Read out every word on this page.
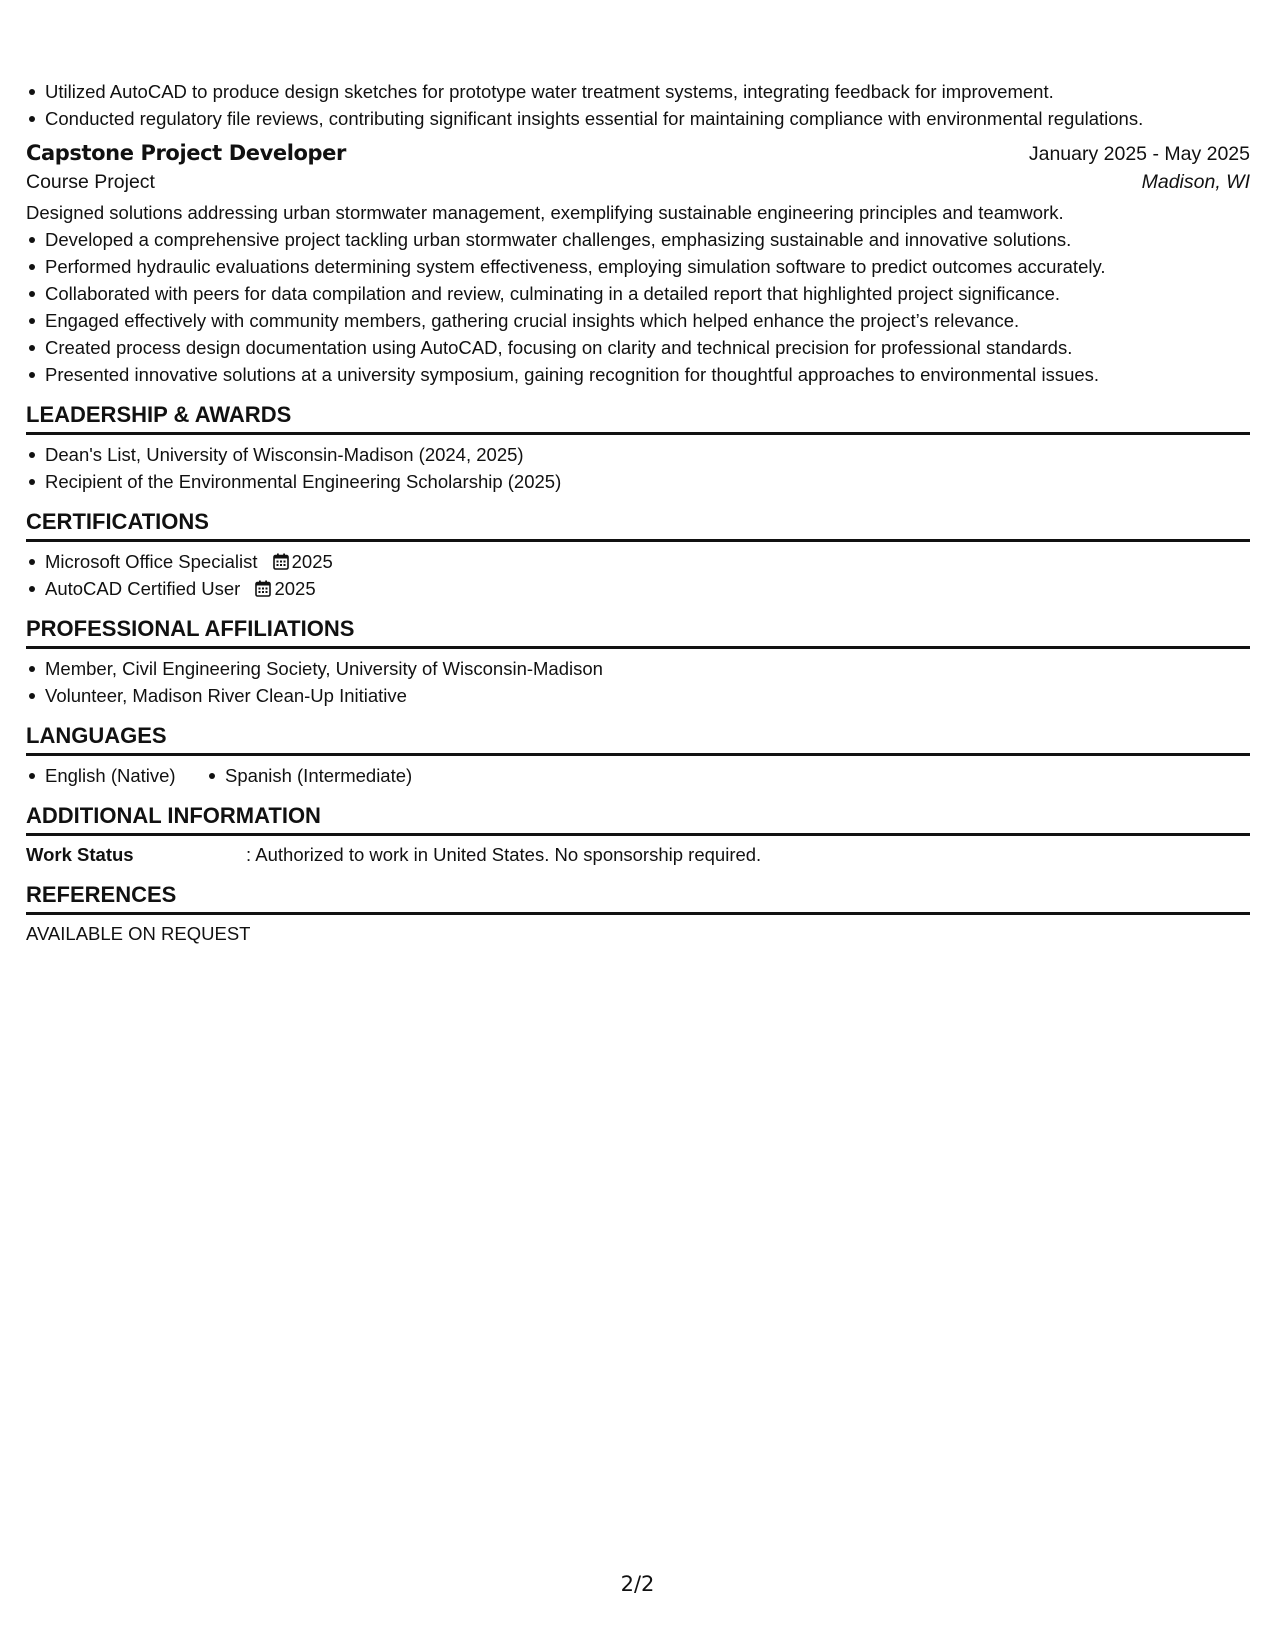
Utilized AutoCAD to produce design sketches for prototype water treatment systems, integrating feedback for improvement.
Conducted regulatory file reviews, contributing significant insights essential for maintaining compliance with environmental regulations.
Capstone Project Developer	January 2025 - May 2025
Course Project	Madison, WI
Designed solutions addressing urban stormwater management, exemplifying sustainable engineering principles and teamwork.
Developed a comprehensive project tackling urban stormwater challenges, emphasizing sustainable and innovative solutions.
Performed hydraulic evaluations determining system effectiveness, employing simulation software to predict outcomes accurately.
Collaborated with peers for data compilation and review, culminating in a detailed report that highlighted project significance.
Engaged effectively with community members, gathering crucial insights which helped enhance the project’s relevance.
Created process design documentation using AutoCAD, focusing on clarity and technical precision for professional standards.
Presented innovative solutions at a university symposium, gaining recognition for thoughtful approaches to environmental issues.
LEADERSHIP & AWARDS
Dean's List, University of Wisconsin-Madison (2024, 2025)
Recipient of the Environmental Engineering Scholarship (2025)
CERTIFICATIONS
Microsoft Office Specialist 2025
AutoCAD Certified User 2025
PROFESSIONAL AFFILIATIONS
Member, Civil Engineering Society, University of Wisconsin-Madison
Volunteer, Madison River Clean-Up Initiative
LANGUAGES
English (Native)	Spanish (Intermediate)
ADDITIONAL INFORMATION
Work Status	: Authorized to work in United States. No sponsorship required.
REFERENCES
AVAILABLE ON REQUEST
2/2
